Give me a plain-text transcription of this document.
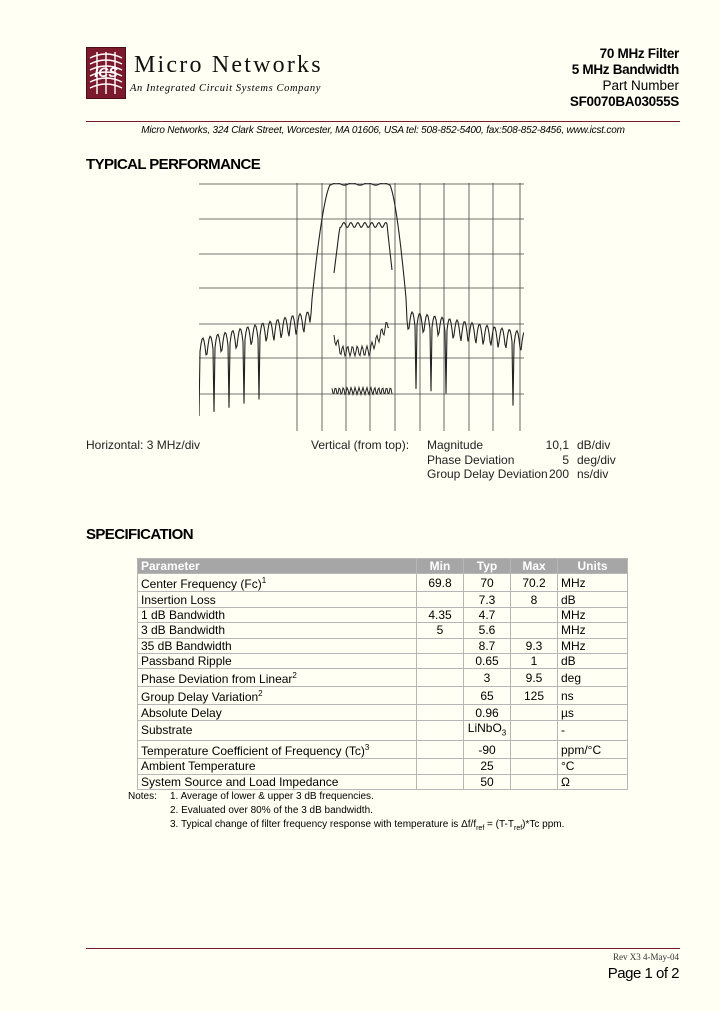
ICS Micro Networks
An Integrated Circuit Systems Company
70 MHz Filter
5 MHz Bandwidth
Part Number
SF0070BA03055S
Micro Networks, 324 Clark Street, Worcester, MA 01606, USA tel: 508-852-5400, fax:508-852-8456, www.icst.com
TYPICAL PERFORMANCE
Horizontal: 3 MHz/div	Vertical (from top): Magnitude	10,1 dB/div
Phase Deviation	5 deg/div
Group Delay Deviation 200 ns/div
SPECIFICATION
Parameter	Min	Typ	Max	Units
Center Frequency $(Fc)^1$	69.8	70	70.2	MHz
Insertion Loss		7.3	8	dB
1 dB Bandwidth	4.35	4.7		MHz
3 dB Bandwidth	5	5.6		MHz
35 dB Bandwidth		8.7	9.3	MHz
Passband Ripple		0.65	1	dB
Phase Deviation from Linear$^2$		3	9.5	deg
Group Delay Variation$^2$		65	125	ns
Absolute Delay		0.96		µs
Substrate		LiNbO$_3$		-
Temperature Coefficient of Frequency $(Tc)^3$		-90		ppm/°C
Ambient Temperature		25		°C
System Source and Load Impedance		50		Ω
Notes: 1. Average of lower & upper 3 dB frequencies.
2. Evaluated over 80% of the 3 dB bandwidth.
3. Typical change of filter frequency response with temperature is $\Delta f/f_{ref} = (T-T_{ref})*Tc$ ppm.
Rev X3 4-May-04
Page 1 of 2
